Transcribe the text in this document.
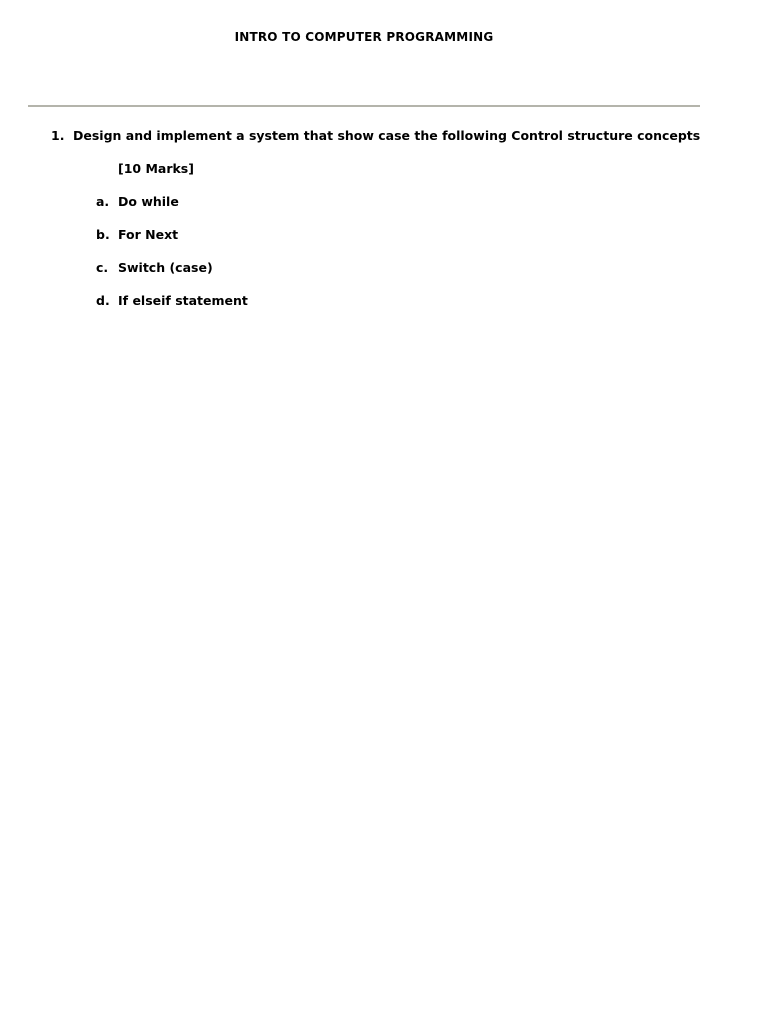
INTRO TO COMPUTER PROGRAMMING
1. Design and implement a system that show case the following Control structure concepts
[10 Marks]
a. Do while
b. For Next
c. Switch (case)
d. If elseif statement
